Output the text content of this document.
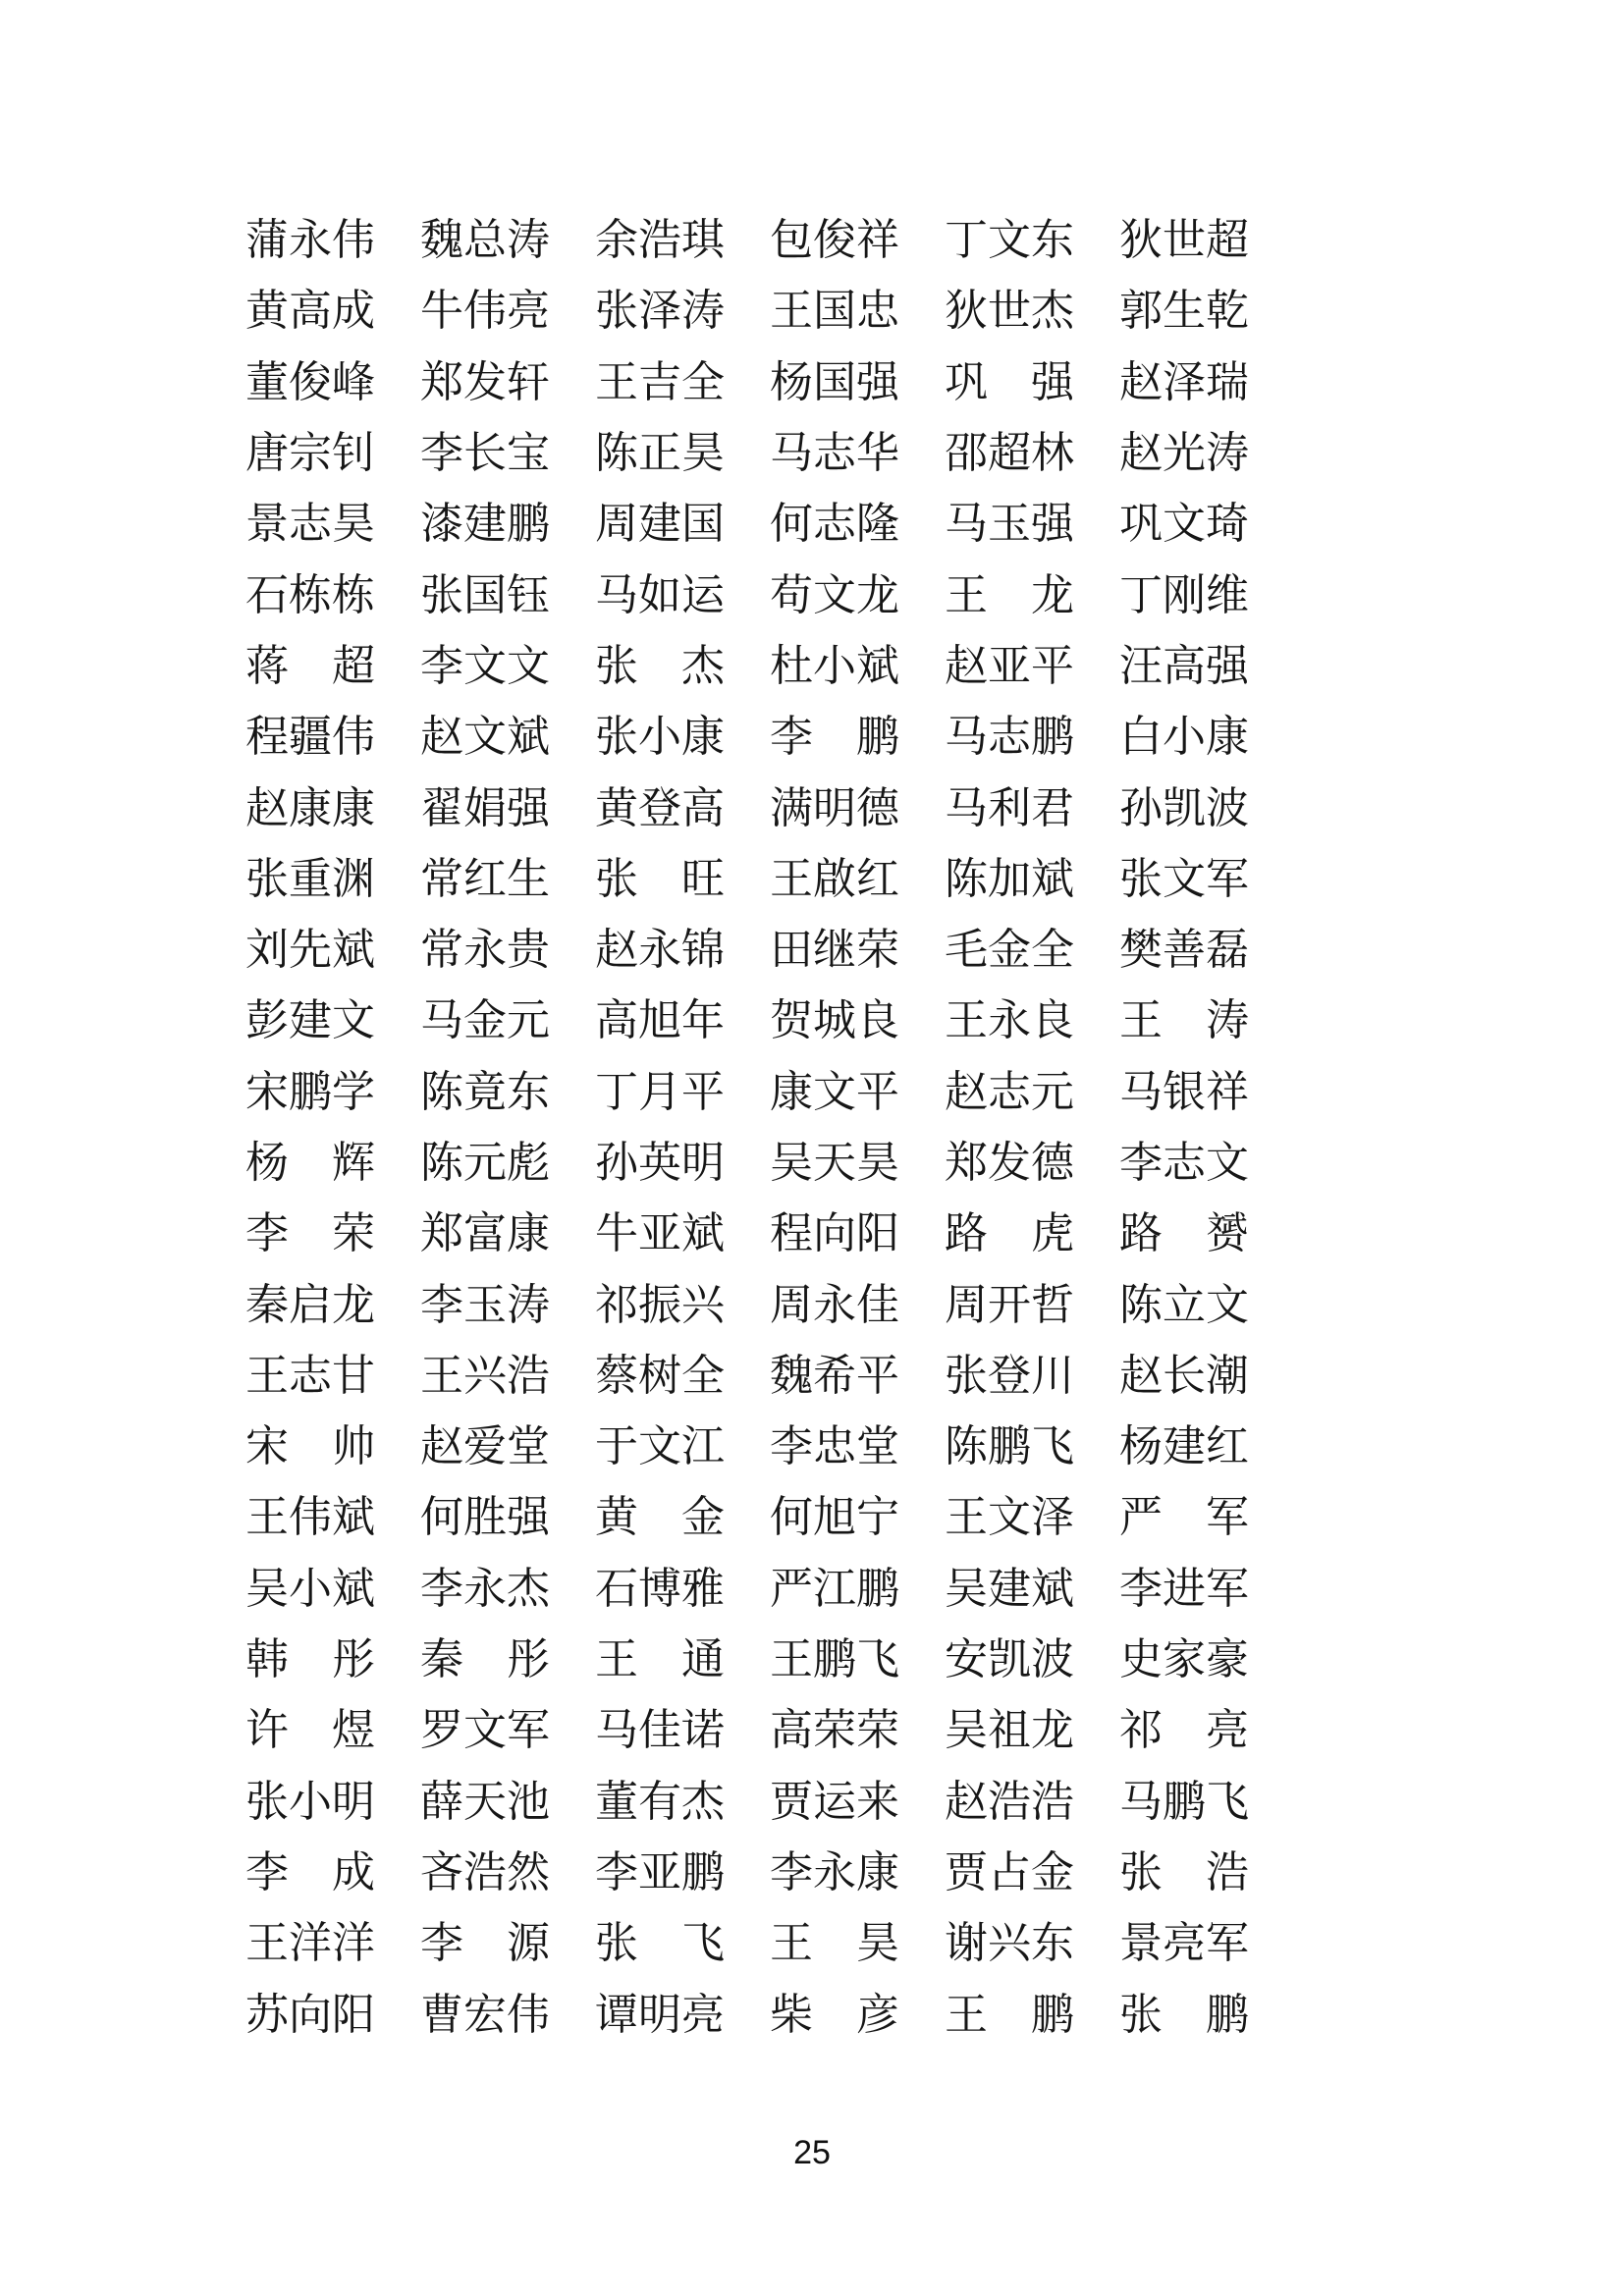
蒲永伟 魏总涛 余浩琪 包俊祥 丁文东 狄世超
黄高成 牛伟亮 张泽涛 王国忠 狄世杰 郭生乾
董俊峰 郑发轩 王吉全 杨国强 巩　强 赵泽瑞
唐宗钊 李长宝 陈正昊 马志华 邵超林 赵光涛
景志昊 漆建鹏 周建国 何志隆 马玉强 巩文琦
石栋栋 张国钰 马如运 苟文龙 王　龙 丁刚维
蒋　超 李文文 张　杰 杜小斌 赵亚平 汪高强
程疆伟 赵文斌 张小康 李　鹏 马志鹏 白小康
赵康康 翟娟强 黄登高 满明德 马利君 孙凯波
张重渊 常红生 张　旺 王啟红 陈加斌 张文军
刘先斌 常永贵 赵永锦 田继荣 毛金全 樊善磊
彭建文 马金元 高旭年 贺城良 王永良 王　涛
宋鹏学 陈竟东 丁月平 康文平 赵志元 马银祥
杨　辉 陈元彪 孙英明 吴天昊 郑发德 李志文
李　荣 郑富康 牛亚斌 程向阳 路　虎 路　赟
秦启龙 李玉涛 祁振兴 周永佳 周开哲 陈立文
王志甘 王兴浩 蔡树全 魏希平 张登川 赵长潮
宋　帅 赵爱堂 于文江 李忠堂 陈鹏飞 杨建红
王伟斌 何胜强 黄　金 何旭宁 王文泽 严　军
吴小斌 李永杰 石博雅 严江鹏 吴建斌 李进军
韩　彤 秦　彤 王　通 王鹏飞 安凯波 史家豪
许　煜 罗文军 马佳诺 高荣荣 吴祖龙 祁　亮
张小明 薛天池 董有杰 贾运来 赵浩浩 马鹏飞
李　成 吝浩然 李亚鹏 李永康 贾占金 张　浩
王洋洋 李　源 张　飞 王　昊 谢兴东 景亮军
苏向阳 曹宏伟 谭明亮 柴　彦 王　鹏 张　鹏
25
